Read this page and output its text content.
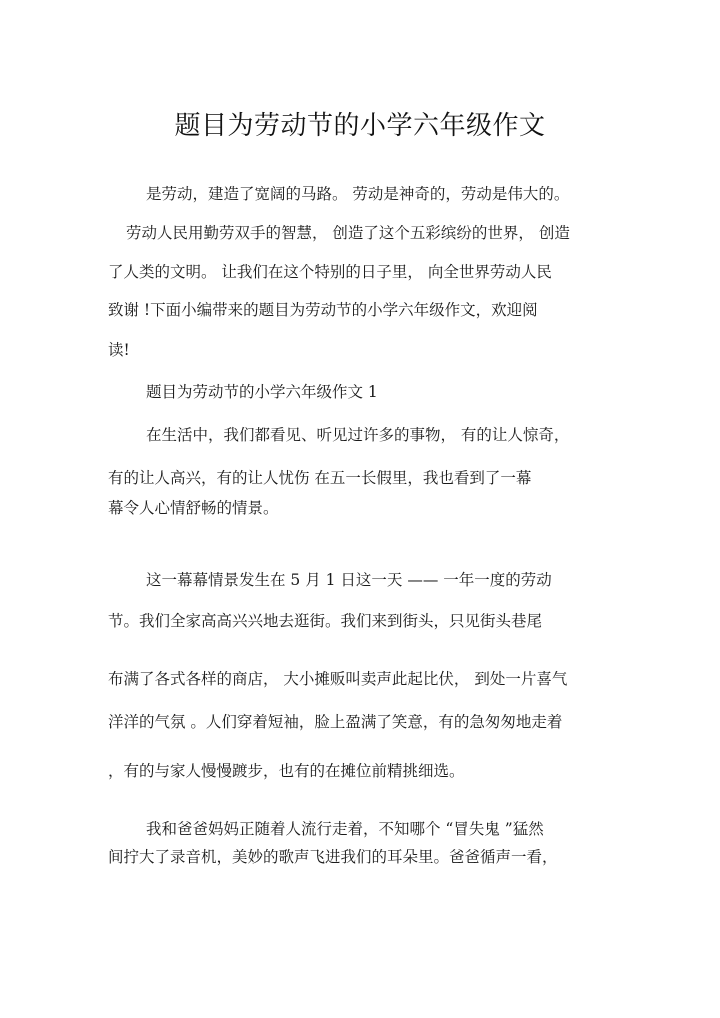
题目为劳动节的小学六年级作文
是劳动，建造了宽阔的马路。 劳动是神奇的，劳动是伟大的。
劳动人民用勤劳双手的智慧， 创造了这个五彩缤纷的世界， 创造
了人类的文明。 让我们在这个特别的日子里， 向全世界劳动人民
致谢 !下面小编带来的题目为劳动节的小学六年级作文，欢迎阅
读!
题目为劳动节的小学六年级作文 1
在生活中，我们都看见、听见过许多的事物， 有的让人惊奇，
有的让人高兴，有的让人忧伤 在五一长假里，我也看到了一幕
幕令人心情舒畅的情景。
这一幕幕情景发生在 5 月 1 日这一天 —— 一年一度的劳动
节。我们全家高高兴兴地去逛街。我们来到街头，只见街头巷尾
布满了各式各样的商店， 大小摊贩叫卖声此起比伏， 到处一片喜气
洋洋的气氛 。人们穿着短袖，脸上盈满了笑意，有的急匆匆地走着
，有的与家人慢慢踱步，也有的在摊位前精挑细选。
我和爸爸妈妈正随着人流行走着，不知哪个 “冒失鬼 ”猛然
间拧大了录音机，美妙的歌声飞进我们的耳朵里。爸爸循声一看，
